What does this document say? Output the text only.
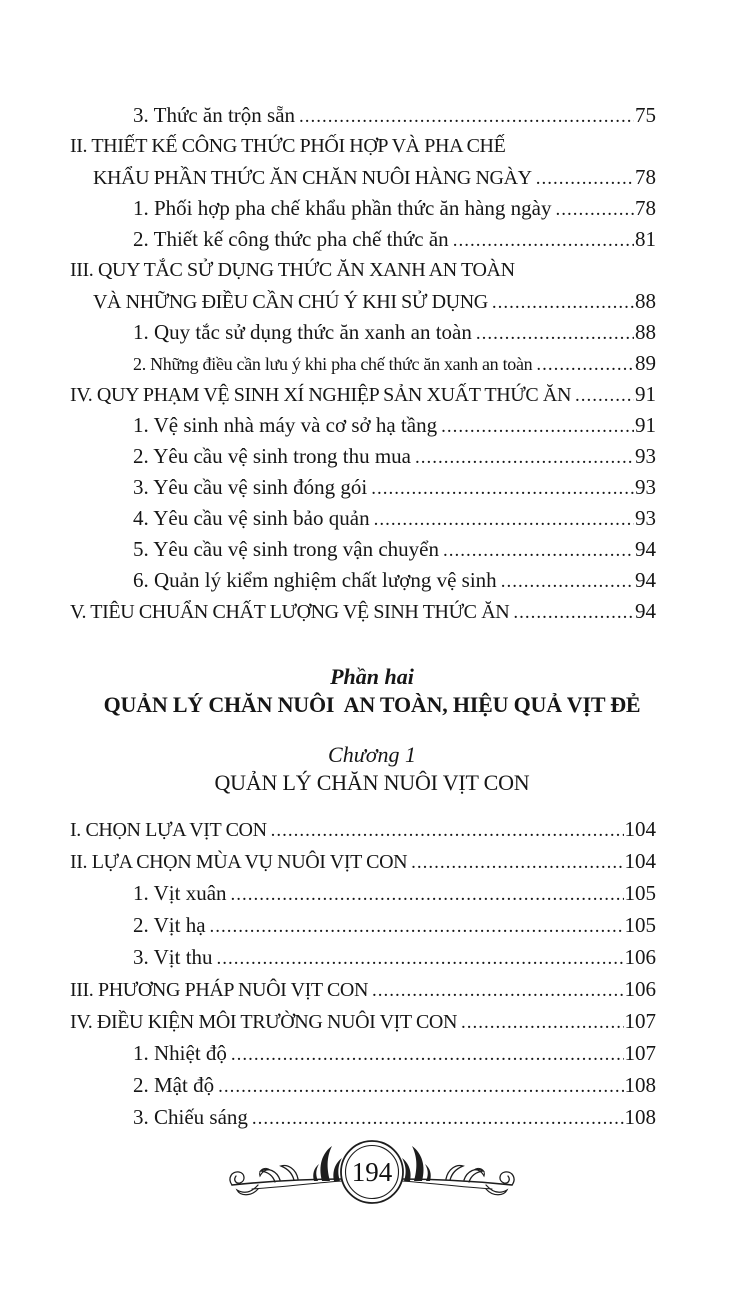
3. Thức ăn trộn sẵn .....	75
II. THIẾT KẾ CÔNG THỨC PHỐI HỢP VÀ PHA CHẾ
KHẨU PHẦN THỨC ĂN CHĂN NUÔI HÀNG NGÀY .....	78
1. Phối hợp pha chế khẩu phần thức ăn hàng ngày .....	78
2. Thiết kế công thức pha chế thức ăn .....	81
III. QUY TẮC SỬ DỤNG THỨC ĂN XANH AN TOÀN
VÀ NHỮNG ĐIỀU CẦN CHÚ Ý KHI SỬ DỤNG .....	88
1. Quy tắc sử dụng thức ăn xanh an toàn .....	88
2. Những điều cần lưu ý khi pha chế thức ăn xanh an toàn .....	89
IV. QUY PHẠM VỆ SINH XÍ NGHIỆP SẢN XUẤT THỨC ĂN .....	91
1. Vệ sinh nhà máy và cơ sở hạ tầng .....	91
2. Yêu cầu vệ sinh trong thu mua .....	93
3. Yêu cầu vệ sinh đóng gói .....	93
4. Yêu cầu vệ sinh bảo quản .....	93
5. Yêu cầu vệ sinh trong vận chuyển .....	94
6. Quản lý kiểm nghiệm chất lượng vệ sinh .....	94
V. TIÊU CHUẨN CHẤT LƯỢNG VỆ SINH THỨC ĂN .....	94
Phần hai
QUẢN LÝ CHĂN NUÔI  AN TOÀN, HIỆU QUẢ VỊT ĐẺ
Chương 1
QUẢN LÝ CHĂN NUÔI VỊT CON
I. CHỌN LỰA VỊT CON .....	104
II. LỰA CHỌN MÙA VỤ NUÔI VỊT CON .....	104
1. Vịt xuân .....	105
2. Vịt hạ .....	105
3. Vịt thu .....	106
III. PHƯƠNG PHÁP NUÔI VỊT CON .....	106
IV. ĐIỀU KIỆN MÔI TRƯỜNG NUÔI VỊT CON .....	107
1. Nhiệt độ .....	107
2. Mật độ .....	108
3. Chiếu sáng .....	108
194
